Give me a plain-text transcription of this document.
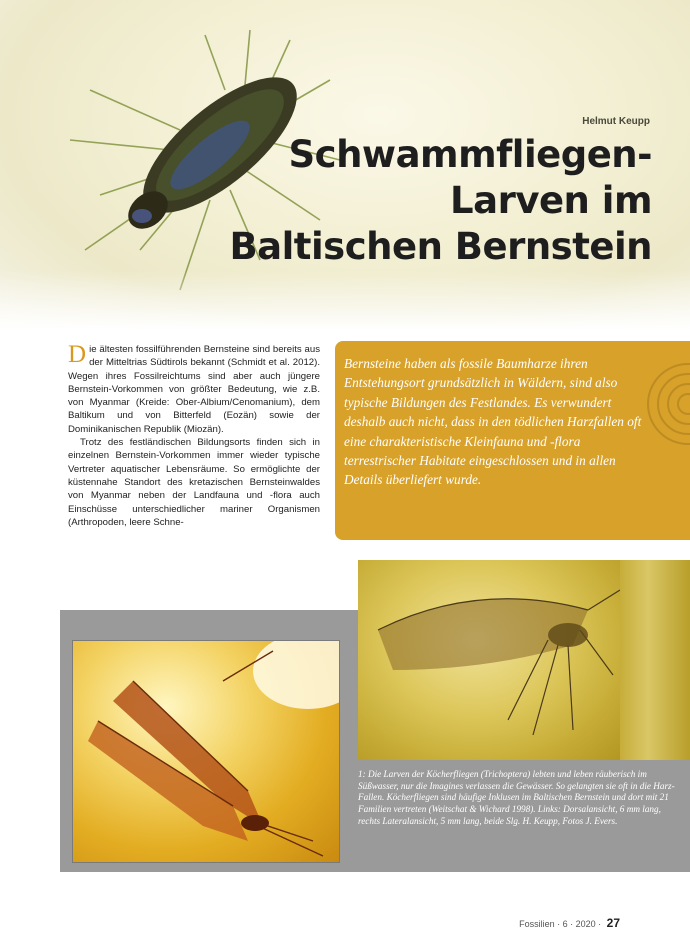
Helmut Keupp
Schwammfliegen-
Larven im
Baltischen Bernstein

Die ältesten fossilführenden Bernsteine sind bereits aus der Mitteltrias Südtirols bekannt (Schmidt et al. 2012). Wegen ihres Fossilreichtums sind aber auch jüngere Bernstein-Vorkommen von größter Bedeutung, wie z.B. von Myanmar (Kreide: Ober-Albium/Cenomanium), dem Baltikum und von Bitterfeld (Eozän) sowie der Dominikanischen Republik (Miozän).

Trotz des festländischen Bildungsorts finden sich in einzelnen Bernstein-Vorkommen immer wieder typische Vertreter aquatischer Lebensräume. So ermöglichte der küstennahe Standort des kretazischen Bernsteinwaldes von Myanmar neben der Landfauna und -flora auch Einschüsse unterschiedlicher mariner Organismen (Arthropoden, leere Schne-

Bernsteine haben als fossile Baumharze ihren Entstehungsort grundsätzlich in Wäldern, sind also typische Bildungen des Festlandes. Es verwundert deshalb auch nicht, dass in den tödlichen Harzfallen oft eine charakteristische Kleinfauna und -flora terrestrischer Habitate eingeschlossen und in allen Details überliefert wurde.
1: Die Larven der Köcherfliegen (Trichoptera) lebten und leben räuberisch im Süßwasser, nur die Imagines verlassen die Gewässer. So gelangten sie oft in die Harz-Fallen. Köcherfliegen sind häufige Inklusen im Baltischen Bernstein und dort mit 21 Familien vertreten (Weitschat & Wichard 1998). Links: Dorsalansicht, 6 mm lang, rechts Lateralansicht, 5 mm lang, beide Slg. H. Keupp, Fotos J. Evers.
Fossilien · 6 · 2020 · 27
